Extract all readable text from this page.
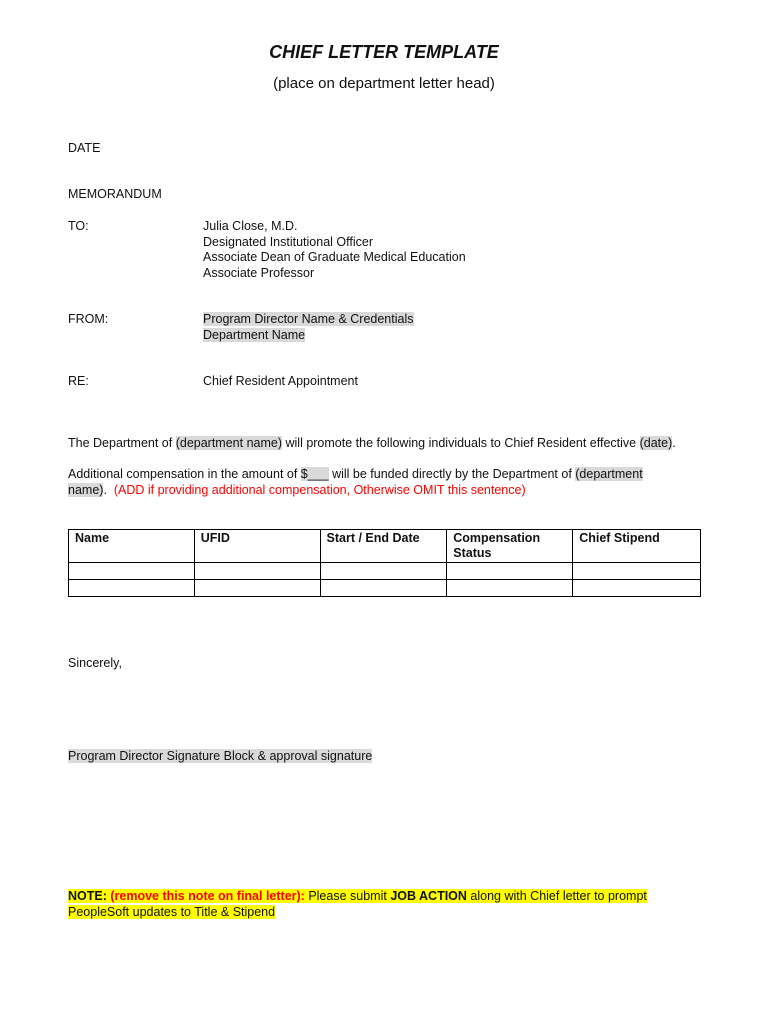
CHIEF LETTER TEMPLATE
(place on department letter head)
DATE
MEMORANDUM
TO:	Julia Close, M.D.
Designated Institutional Officer
Associate Dean of Graduate Medical Education
Associate Professor
FROM:	Program Director Name & Credentials
Department Name
RE:	Chief Resident Appointment
The Department of (department name) will promote the following individuals to Chief Resident effective (date).
Additional compensation in the amount of $___ will be funded directly by the Department of (department name).  (ADD if providing additional compensation, Otherwise OMIT this sentence)
Name	UFID	Start / End Date	Compensation Status	Chief Stipend

Sincerely,
Program Director Signature Block & approval signature
NOTE: (remove this note on final letter): Please submit JOB ACTION along with Chief letter to prompt PeopleSoft updates to Title & Stipend
